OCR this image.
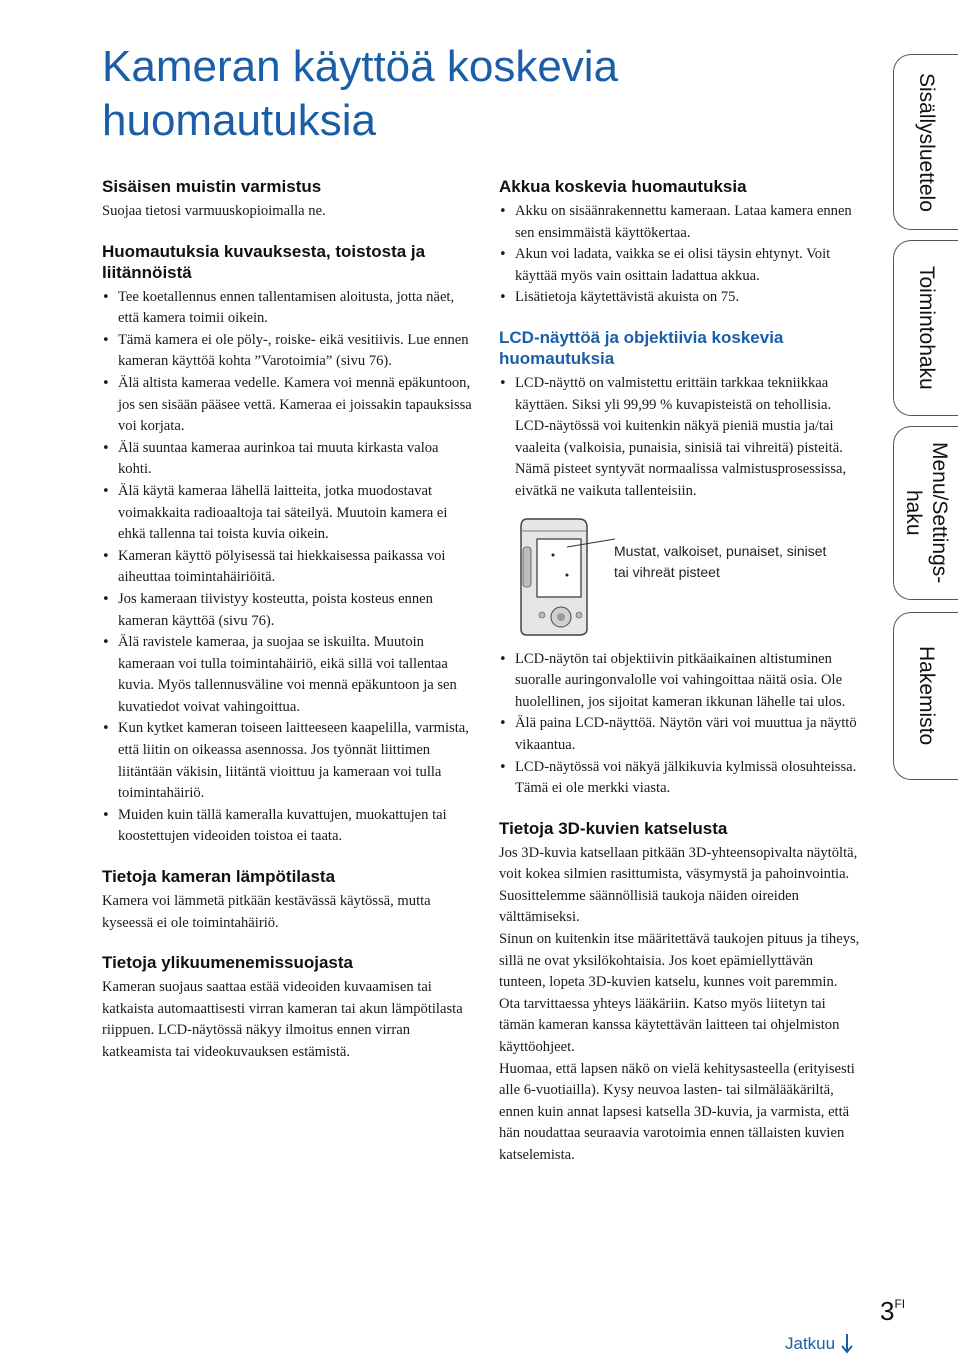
Kameran käyttöä koskevia huomautuksia
Sisäisen muistin varmistus

Suojaa tietosi varmuuskopioimalla ne.

Huomautuksia kuvauksesta, toistosta ja liitännöistä
• Tee koetallennus ennen tallentamisen aloitusta, jotta näet, että kamera toimii oikein.
• Tämä kamera ei ole pöly-, roiske- eikä vesitiivis. Lue ennen kameran käyttöä kohta ”Varotoimia” (sivu 76).
• Älä altista kameraa vedelle. Kamera voi mennä epäkuntoon, jos sen sisään pääsee vettä. Kameraa ei joissakin tapauksissa voi korjata.
• Älä suuntaa kameraa aurinkoa tai muuta kirkasta valoa kohti.
• Älä käytä kameraa lähellä laitteita, jotka muodostavat voimakkaita radioaaltoja tai säteilyä. Muutoin kamera ei ehkä tallenna tai toista kuvia oikein.
• Kameran käyttö pölyisessä tai hiekkaisessa paikassa voi aiheuttaa toimintahäiriöitä.
• Jos kameraan tiivistyy kosteutta, poista kosteus ennen kameran käyttöä (sivu 76).
• Älä ravistele kameraa, ja suojaa se iskuilta. Muutoin kameraan voi tulla toimintahäiriö, eikä sillä voi tallentaa kuvia. Myös tallennusväline voi mennä epäkuntoon ja sen kuvatiedot voivat vahingoittua.
• Kun kytket kameran toiseen laitteeseen kaapelilla, varmista, että liitin on oikeassa asennossa. Jos työnnät liittimen liitäntään väkisin, liitäntä vioittuu ja kameraan voi tulla toimintahäiriö.
• Muiden kuin tällä kameralla kuvattujen, muokattujen tai koostettujen videoiden toistoa ei taata.
Tietoja kameran lämpötilasta

Kamera voi lämmetä pitkään kestävässä käytössä, mutta kyseessä ei ole toimintahäiriö.

Tietoja ylikuumenemissuojasta

Kameran suojaus saattaa estää videoiden kuvaamisen tai katkaista automaattisesti virran kameran tai akun lämpötilasta riippuen. LCD-näytössä näkyy ilmoitus ennen virran katkeamista tai videokuvauksen estämistä.

Akkua koskevia huomautuksia
• Akku on sisäänrakennettu kameraan. Lataa kamera ennen sen ensimmäistä käyttökertaa.
• Akun voi ladata, vaikka se ei olisi täysin ehtynyt. Voit käyttää myös vain osittain ladattua akkua.
• Lisätietoja käytettävistä akuista on 75.
LCD-näyttöä ja objektiivia koskevia huomautuksia
• LCD-näyttö on valmistettu erittäin tarkkaa tekniikkaa käyttäen. Siksi yli 99,99 % kuvapisteistä on tehollisia. LCD-näytössä voi kuitenkin näkyä pieniä mustia ja/tai vaaleita (valkoisia, punaisia, sinisiä tai vihreitä) pisteitä. Nämä pisteet syntyvät normaalissa valmistusprosessissa, eivätkä ne vaikuta tallenteisiin.
Mustat, valkoiset, punaiset, siniset tai vihreät pisteet
• LCD-näytön tai objektiivin pitkäaikainen altistuminen suoralle auringonvalolle voi vahingoittaa näitä osia. Ole huolellinen, jos sijoitat kameran ikkunan lähelle tai ulos.
• Älä paina LCD-näyttöä. Näytön väri voi muuttua ja näyttö vikaantua.
• LCD-näytössä voi näkyä jälkikuvia kylmissä olosuhteissa. Tämä ei ole merkki viasta.
Tietoja 3D-kuvien katselusta

Jos 3D-kuvia katsellaan pitkään 3D-yhteensopivalta näytöltä, voit kokea silmien rasittumista, väsymystä ja pahoinvointia. Suosittelemme säännöllisiä taukoja näiden oireiden välttämiseksi.

Sinun on kuitenkin itse määritettävä taukojen pituus ja tiheys, sillä ne ovat yksilökohtaisia. Jos koet epämiellyttävän tunteen, lopeta 3D-kuvien katselu, kunnes voit paremmin. Ota tarvittaessa yhteys lääkäriin. Katso myös liitetyn tai tämän kameran kanssa käytettävän laitteen tai ohjelmiston käyttöohjeet.

Huomaa, että lapsen näkö on vielä kehitysasteella (erityisesti alle 6-vuotiailla). Kysy neuvoa lasten- tai silmälääkäriltä, ennen kuin annat lapsesi katsella 3D-kuvia, ja varmista, että hän noudattaa seuraavia varotoimia ennen tällaisten kuvien katselemista.

Sisällysluettelo
Toimintohaku
Menu/Settings-haku
Hakemisto
$3^{FI}$
Jatkuu
